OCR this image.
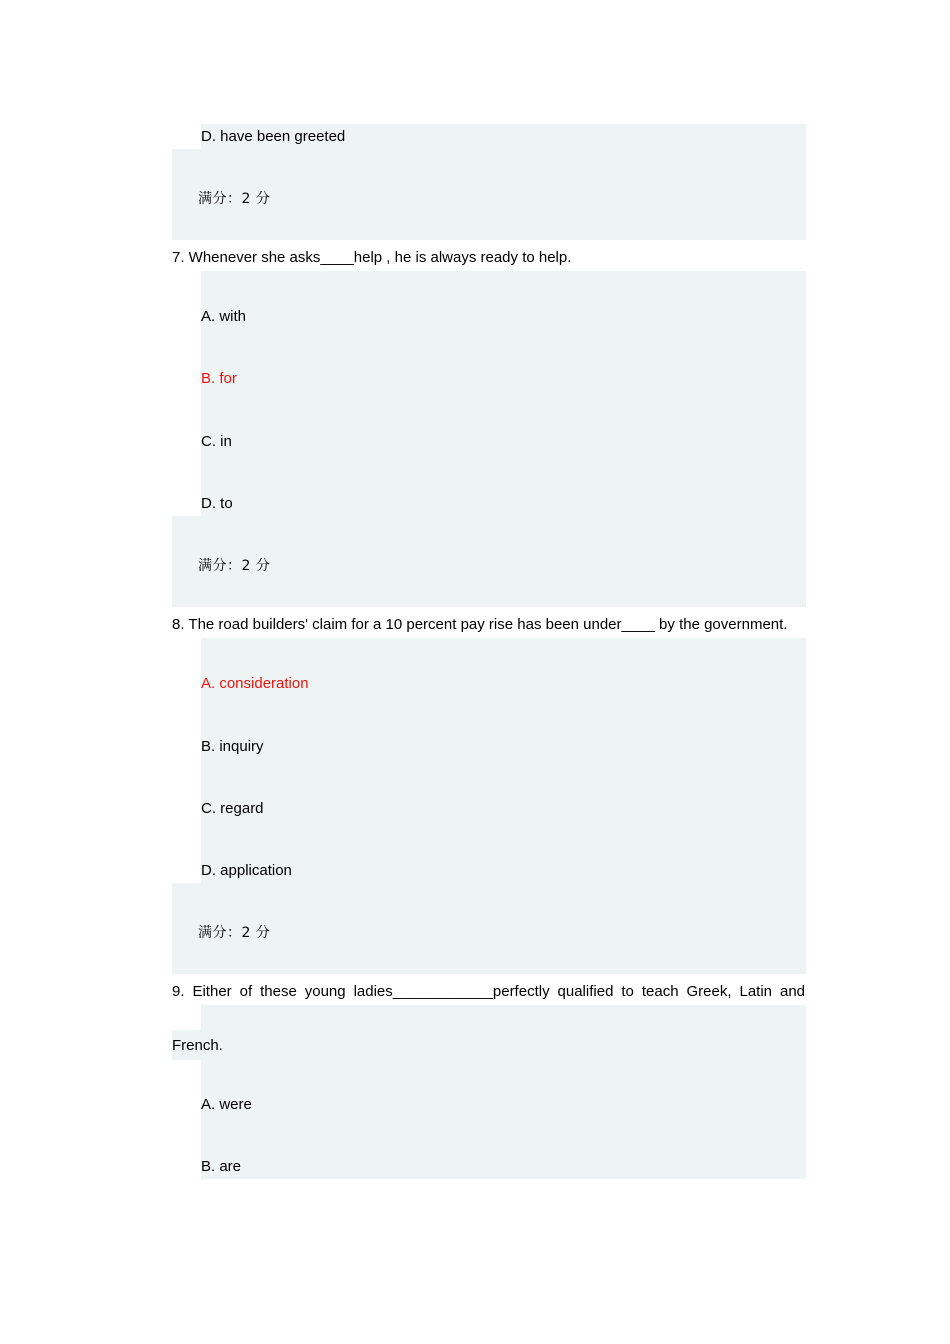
D. have been greeted
满分：2 分
7. Whenever she asks____help , he is always ready to help.
A. with
B. for
C. in
D. to
满分：2 分
8. The road builders' claim for a 10 percent pay rise has been under____ by the government.
A. consideration
B. inquiry
C. regard
D. application
满分：2 分
9. Either of these young ladies____________perfectly qualified to teach Greek, Latin and
French.
A. were
B. are
